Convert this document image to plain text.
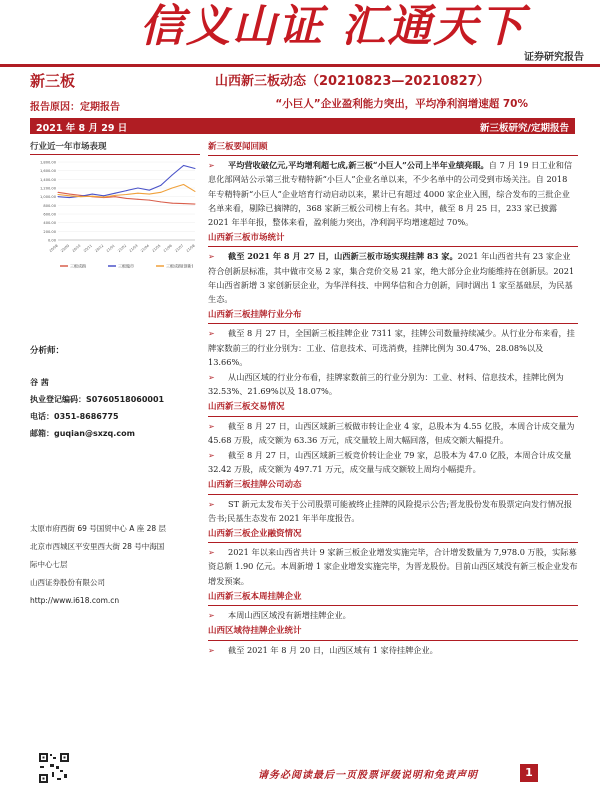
信义山证 汇通天下
证券研究报告
新三板
报告原因：定期报告
山西新三板动态（20210823—20210827）
“小巨人”企业盈利能力突出，平均净利润增速超 70%
2021 年 8 月 29 日	新三板研究/定期报告
行业近一年市场表现
1,800.00
1,600.00
1,400.00
1,200.00
1,000.00
800.00
600.00
400.00
200.00
0.00
20/08 20/09 20/10 20/11 20/12 21/01 21/02 21/03 21/04 21/05 21/06 21/07 21/08
三板成指	三板做市	三板成指(创新)
分析师：
谷 茜
执业登记编码：S0760518060001
电话：0351-8686775
邮箱：guqian@sxzq.com
太原市府西街 69 号国贸中心 A 座 28 层
北京市西城区平安里西大街 28 号中海国
际中心七层
山西证券股份有限公司
http://www.i618.com.cn
新三板要闻回顾
➢ 平均营收破亿元,平均增利超七成,新三板“小巨人”公司上半年业绩亮眼。自 7 月 19 日工业和信息化部网站公示第三批专精特新“小巨人”企业名单以来，不少名单中的公司受到市场关注。自 2018 年专精特新“小巨人”企业培育行动启动以来，累计已有超过 4000 家企业入围，综合发布的三批企业名单来看，剔除已摘牌的，368 家新三板公司榜上有名。其中，截至 8 月 25 日，233 家已披露 2021 年半年报，整体来看，盈利能力突出，净利润平均增速超过 70%。
山西新三板市场统计
➢ 截至 2021 年 8 月 27 日，山西新三板市场实现挂牌 83 家。2021 年山西省共有 23 家企业符合创新层标准，其中做市交易 2 家，集合竞价交易 21 家，绝大部分企业均能维持在创新层。2021 年山西省新增 3 家创新层企业，为华洋科技、中网华信和合力创新，同时调出 1 家至基础层，为民基生态。
山西新三板挂牌行业分布
➢ 截至 8 月 27 日，全国新三板挂牌企业 7311 家，挂牌公司数量持续减少。从行业分布来看，挂牌家数前三的行业分别为：工业、信息技术、可选消费，挂牌比例为 30.47%、28.08%以及 13.66%。
➢ 从山西区域的行业分布看，挂牌家数前三的行业分别为：工业、材料、信息技术，挂牌比例为 32.53%、21.69%以及 18.07%。
山西新三板交易情况
➢ 截至 8 月 27 日，山西区域新三板做市转让企业 4 家，总股本为 4.55 亿股，本周合计成交量为 45.68 万股，成交额为 63.36 万元，成交量较上周大幅回落，但成交额大幅提升。
➢ 截至 8 月 27 日，山西区域新三板竞价转让企业 79 家，总股本为 47.0 亿股，本周合计成交量 32.42 万股，成交额为 497.71 万元，成交量与成交额较上周均小幅提升。
山西新三板挂牌公司动态
➢ ST 新元太发布关于公司股票可能被终止挂牌的风险提示公告;晋龙股份发布股票定向发行情况报告书;民基生态发布 2021 年半年度报告。
山西新三板企业融资情况
➢ 2021 年以来山西省共计 9 家新三板企业增发实施完毕，合计增发数量为 7,978.0 万股，实际募资总额 1.90 亿元。本周新增 1 家企业增发实施完毕，为晋龙股份。目前山西区域没有新三板企业发布增发预案。
山西新三板本周挂牌企业
➢ 本周山西区域没有新增挂牌企业。
山西区域待挂牌企业统计
➢ 截至 2021 年 8 月 20 日，山西区域有 1 家待挂牌企业。
请务必阅读最后一页股票评级说明和免责声明	1
